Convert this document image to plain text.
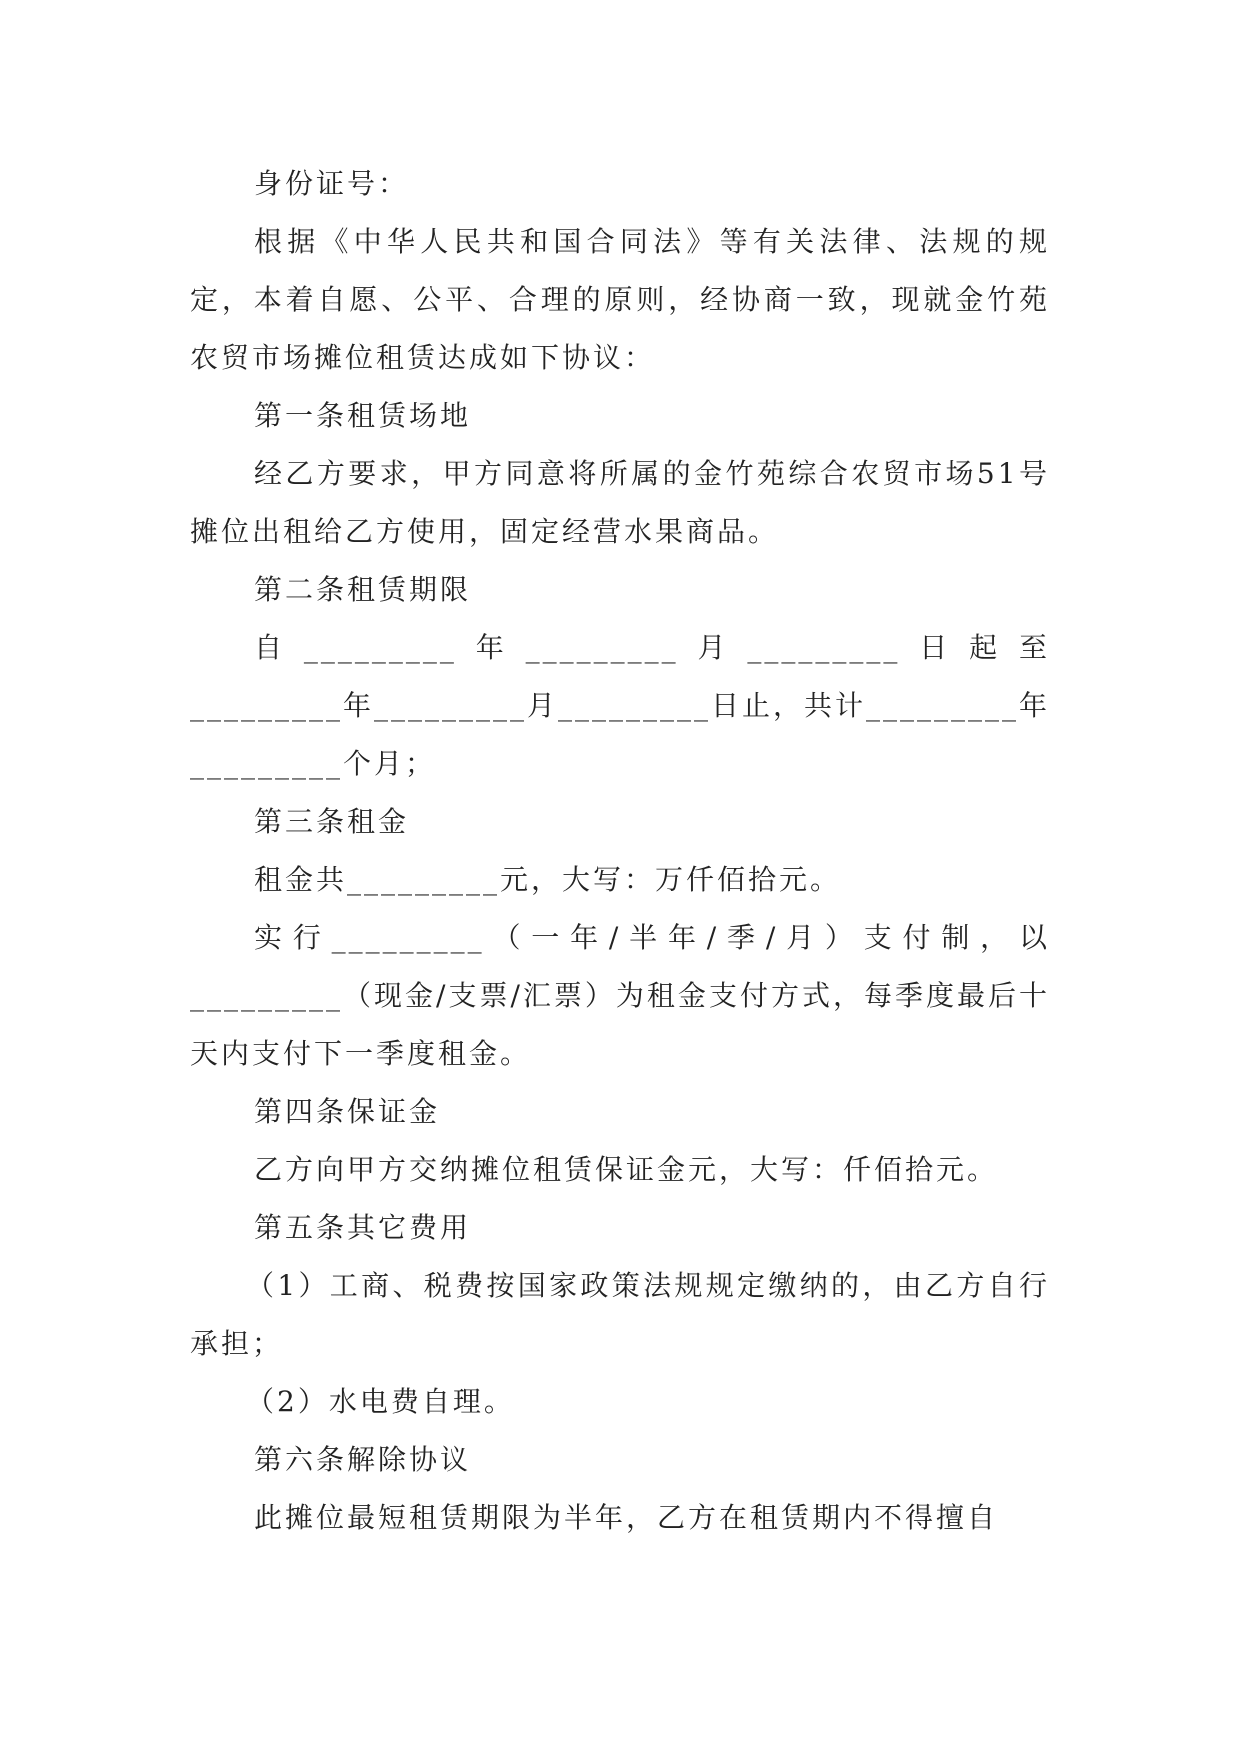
身份证号：

根据《中华人民共和国合同法》等有关法律、法规的规定，本着自愿、公平、合理的原则，经协商一致，现就金竹苑农贸市场摊位租赁达成如下协议：

第一条租赁场地

经乙方要求，甲方同意将所属的金竹苑综合农贸市场51号摊位出租给乙方使用，固定经营水果商品。

第二条租赁期限

自_________年_________月_________日起至_________年_________月_________日止，共计_________年_________个月；

第三条租金

租金共_________元，大写：万仟佰拾元。

实行_________（一年/半年/季/月）支付制，以_________（现金/支票/汇票）为租金支付方式，每季度最后十天内支付下一季度租金。

第四条保证金

乙方向甲方交纳摊位租赁保证金元，大写：仟佰拾元。

第五条其它费用

（1）工商、税费按国家政策法规规定缴纳的，由乙方自行承担；

（2）水电费自理。

第六条解除协议

此摊位最短租赁期限为半年，乙方在租赁期内不得擅自
